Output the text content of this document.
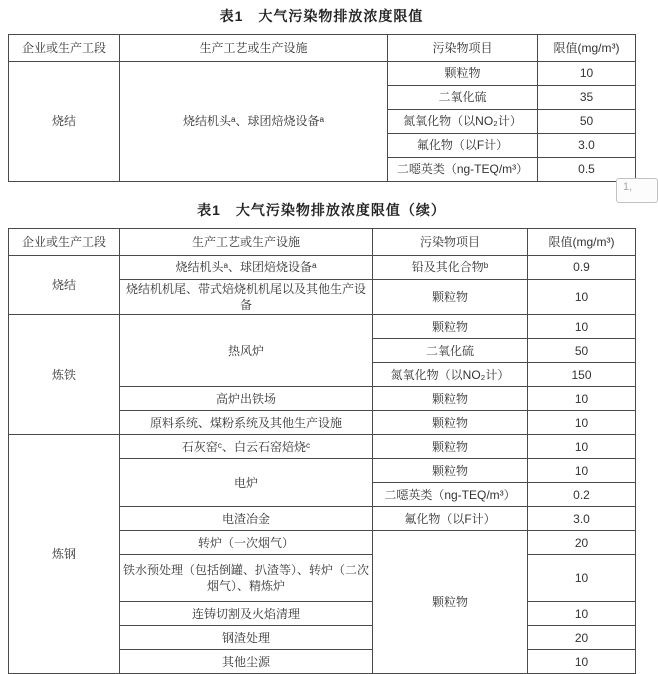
表1　大气污染物排放浓度限值
企业或生产工段	生产工艺或生产设施	污染物项目	限值(mg/m³)
烧结	烧结机头ᵃ、球团焙烧设备ᵃ	颗粒物	10
		二氧化硫	35
		氮氧化物（以NO₂计）	50
		氟化物（以F计）	3.0
		二噁英类（ng-TEQ/m³）	0.5
1,
表1　大气污染物排放浓度限值（续）
企业或生产工段	生产工艺或生产设施	污染物项目	限值(mg/m³)
烧结	烧结机头ᵃ、球团焙烧设备ᵃ	铅及其化合物ᵇ	0.9
	烧结机机尾、带式焙烧机机尾以及其他生产设备	颗粒物	10
炼铁	热风炉	颗粒物	10
		二氧化硫	50
		氮氧化物（以NO₂计）	150
	高炉出铁场	颗粒物	10
	原料系统、煤粉系统及其他生产设施	颗粒物	10
炼钢	石灰窑ᶜ、白云石窑焙烧ᶜ	颗粒物	10
	电炉	颗粒物	10
		二噁英类（ng-TEQ/m³）	0.2
	电渣冶金	氟化物（以F计）	3.0
	转炉（一次烟气）	颗粒物	20
	铁水预处理（包括倒罐、扒渣等）、转炉（二次烟气）、精炼炉		10
	连铸切割及火焰清理		10
	钢渣处理		20
	其他尘源		10
